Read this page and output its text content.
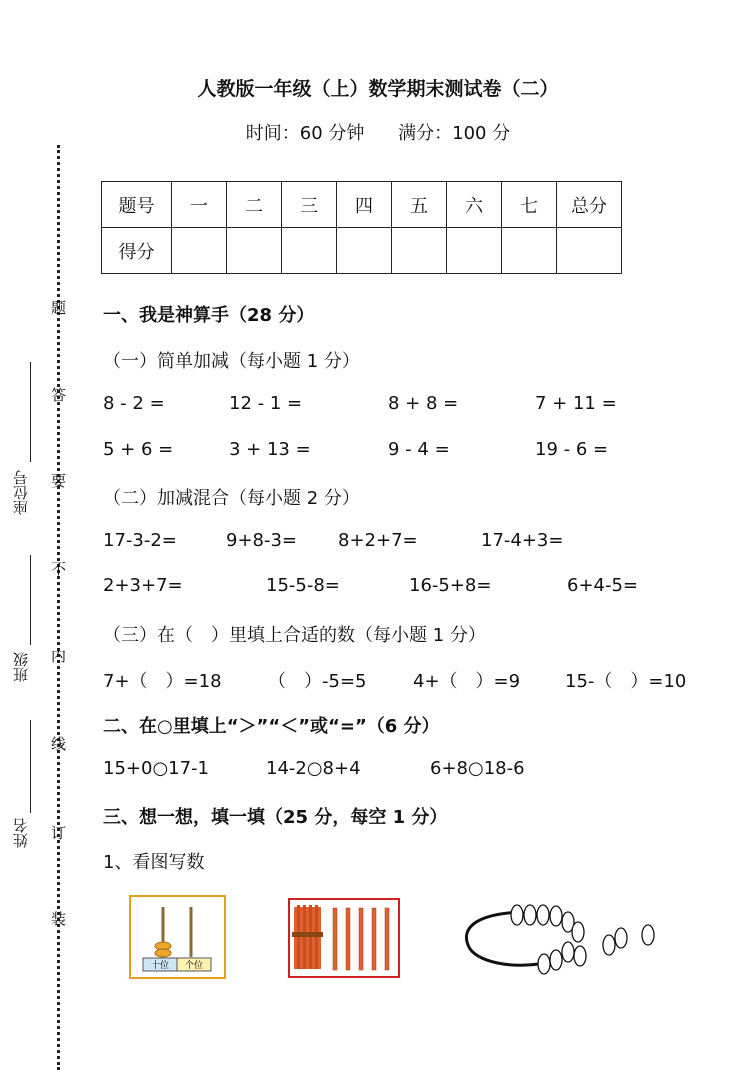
题
答
要
不
内
线
订
装
座位号
班级
姓名
人教版一年级（上）数学期末测试卷（二）
时间：60 分钟 满分：100 分
题号	一	二	三	四	五	六	七	总分
得分								
一、我是神算手（28 分）
（一）简单加减（每小题 1 分）
8 - 2 =	12 - 1 =	8 + 8 =	7 + 11 =
5 + 6 =	3 + 13 =	9 - 4 =	19 - 6 =
（二）加减混合（每小题 2 分）
17-3-2=	9+8-3= 8+2+7=	17-4+3=
2+3+7=	15-5-8=	16-5+8=	6+4-5=
（三）在（　）里填上合适的数（每小题 1 分）
7+（　）=18	（　）-5=5	4+（　）=9 15-（　）=10
二、在○里填上“＞”“＜”或“=”（6 分）
15+0○17-1	14-2○8+4	6+8○18-6
三、想一想，填一填（25 分，每空 1 分）
1、看图写数
十位 个位
